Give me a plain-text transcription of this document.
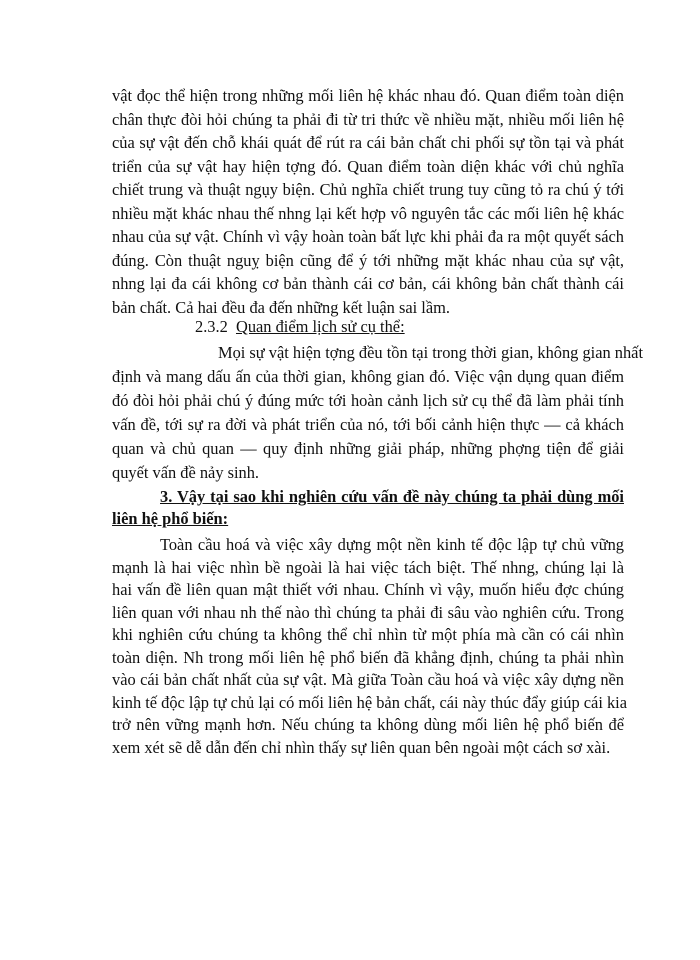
vật đọc thể hiện trong những mối liên hệ khác nhau đó. Quan điểm toàn diện
chân thực đòi hỏi chúng ta phải đi từ tri thức về nhiều mặt, nhiều mối liên hệ
của sự vật đến chỗ khái quát để rút ra cái bản chất chi phối sự tồn tại và phát
triển của sự vật hay hiện tợng đó. Quan điểm toàn diện khác với chủ nghĩa
chiết trung và thuật ngụy biện. Chủ nghĩa chiết trung tuy cũng tỏ ra chú ý tới
nhiều mặt khác nhau thế nhng lại kết hợp vô nguyên tắc các mối liên hệ khác
nhau của sự vật. Chính vì vậy hoàn toàn bất lực khi phải đa ra một quyết sách
đúng. Còn thuật nguỵ biện cũng để ý tới những mặt khác nhau của sự vật,
nhng lại đa cái không cơ bản thành cái cơ bản, cái không bản chất thành cái
bản chất. Cả hai đều đa đến những kết luận sai lầm.
2.3.2 Quan điểm lịch sử cụ thể:
Mọi sự vật hiện tợng đều tồn tại trong thời gian, không gian nhất
định và mang dấu ấn của thời gian, không gian đó. Việc vận dụng quan điểm
đó đòi hỏi phải chú ý đúng mức tới hoàn cảnh lịch sử cụ thể đã làm phải tính
vấn đề, tới sự ra đời và phát triển của nó, tới bối cảnh hiện thực — cả khách
quan và chủ quan — quy định những giải pháp, những phợng tiện để giải
quyết vấn đề nảy sinh.
3. Vậy tại sao khi nghiên cứu vấn đề này chúng ta phải dùng mối
liên hệ phổ biến:
Toàn cầu hoá và việc xây dựng một nền kinh tế độc lập tự chủ vững
mạnh là hai việc nhìn bề ngoài là hai việc tách biệt. Thế nhng, chúng lại là
hai vấn đề liên quan mật thiết với nhau. Chính vì vậy, muốn hiểu đợc chúng
liên quan với nhau nh thế nào thì chúng ta phải đi sâu vào nghiên cứu. Trong
khi nghiên cứu chúng ta không thể chỉ nhìn từ một phía mà cần có cái nhìn
toàn diện. Nh trong mối liên hệ phổ biến đã khẳng định, chúng ta phải nhìn
vào cái bản chất nhất của sự vật. Mà giữa Toàn cầu hoá và việc xây dựng nền
kinh tế độc lập tự chủ lại có mối liên hệ bản chất, cái này thúc đẩy giúp cái kia
trở nên vững mạnh hơn. Nếu chúng ta không dùng mối liên hệ phổ biến để
xem xét sẽ dễ dẫn đến chỉ nhìn thấy sự liên quan bên ngoài một cách sơ xài.
